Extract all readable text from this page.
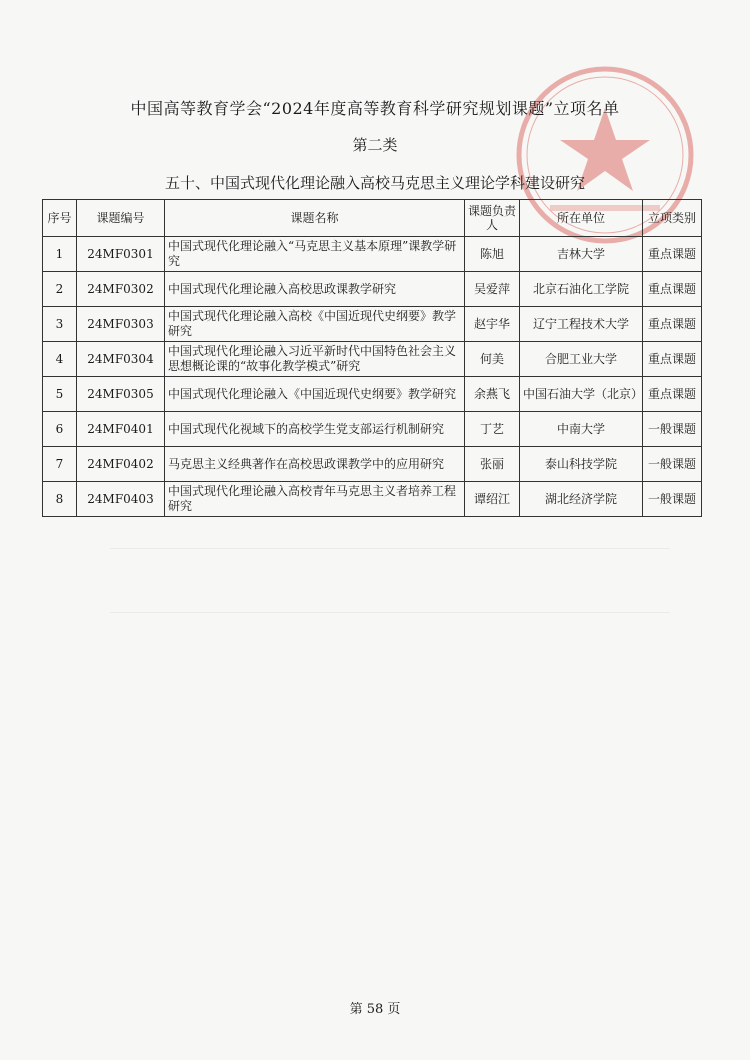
中国高等教育学会“2024年度高等教育科学研究规划课题”立项名单
第二类
五十、中国式现代化理论融入高校马克思主义理论学科建设研究
序号	课题编号	课题名称	课题负责人	所在单位	立项类别
1	24MF0301	中国式现代化理论融入“马克思主义基本原理”课教学研究	陈旭	吉林大学	重点课题
2	24MF0302	中国式现代化理论融入高校思政课教学研究	吴爱萍	北京石油化工学院	重点课题
3	24MF0303	中国式现代化理论融入高校《中国近现代史纲要》教学研究	赵宇华	辽宁工程技术大学	重点课题
4	24MF0304	中国式现代化理论融入习近平新时代中国特色社会主义思想概论课的“故事化教学模式”研究	何美	合肥工业大学	重点课题
5	24MF0305	中国式现代化理论融入《中国近现代史纲要》教学研究	余燕飞	中国石油大学（北京）	重点课题
6	24MF0401	中国式现代化视域下的高校学生党支部运行机制研究	丁艺	中南大学	一般课题
7	24MF0402	马克思主义经典著作在高校思政课教学中的应用研究	张丽	泰山科技学院	一般课题
8	24MF0403	中国式现代化理论融入高校青年马克思主义者培养工程研究	谭绍江	湖北经济学院	一般课题
第 58 页
